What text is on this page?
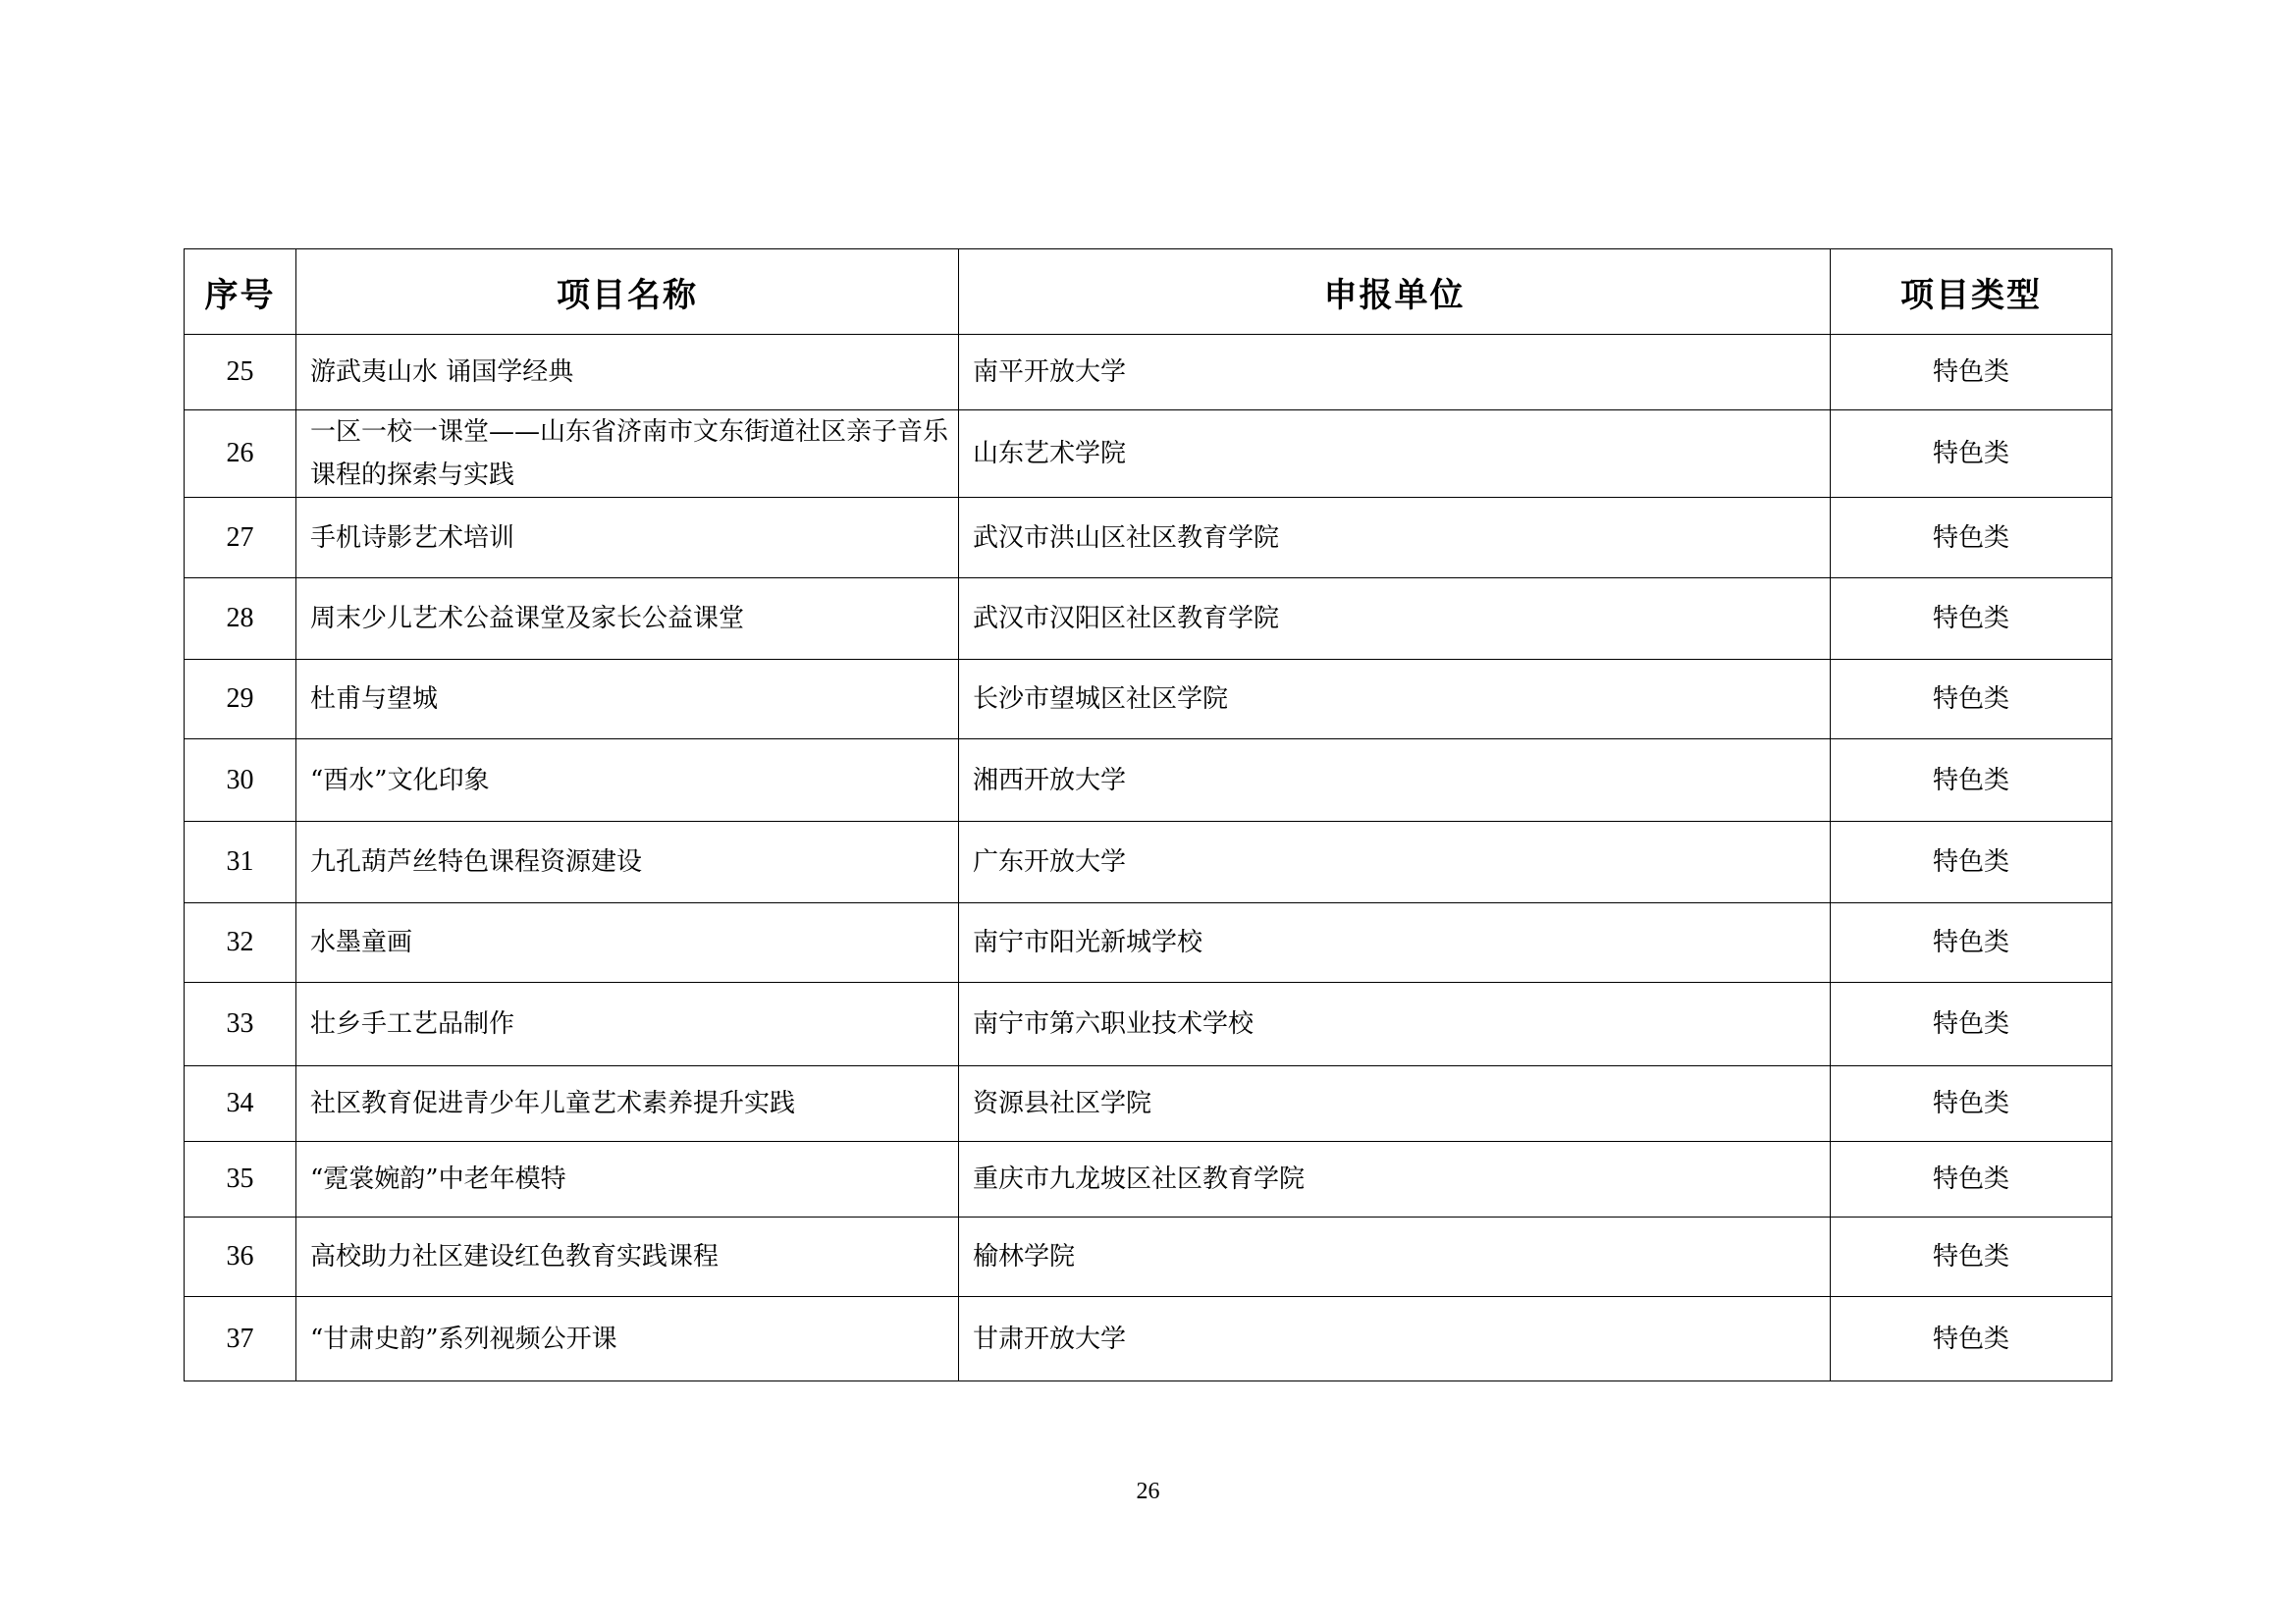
序号	项目名称	申报单位	项目类型
25	游武夷山水 诵国学经典	南平开放大学	特色类
26	一区一校一课堂——山东省济南市文东街道社区亲子音乐课程的探索与实践	山东艺术学院	特色类
27	手机诗影艺术培训	武汉市洪山区社区教育学院	特色类
28	周末少儿艺术公益课堂及家长公益课堂	武汉市汉阳区社区教育学院	特色类
29	杜甫与望城	长沙市望城区社区学院	特色类
30	“酉水”文化印象	湘西开放大学	特色类
31	九孔葫芦丝特色课程资源建设	广东开放大学	特色类
32	水墨童画	南宁市阳光新城学校	特色类
33	壮乡手工艺品制作	南宁市第六职业技术学校	特色类
34	社区教育促进青少年儿童艺术素养提升实践	资源县社区学院	特色类
35	“霓裳婉韵”中老年模特	重庆市九龙坡区社区教育学院	特色类
36	高校助力社区建设红色教育实践课程	榆林学院	特色类
37	“甘肃史韵”系列视频公开课	甘肃开放大学	特色类
26
